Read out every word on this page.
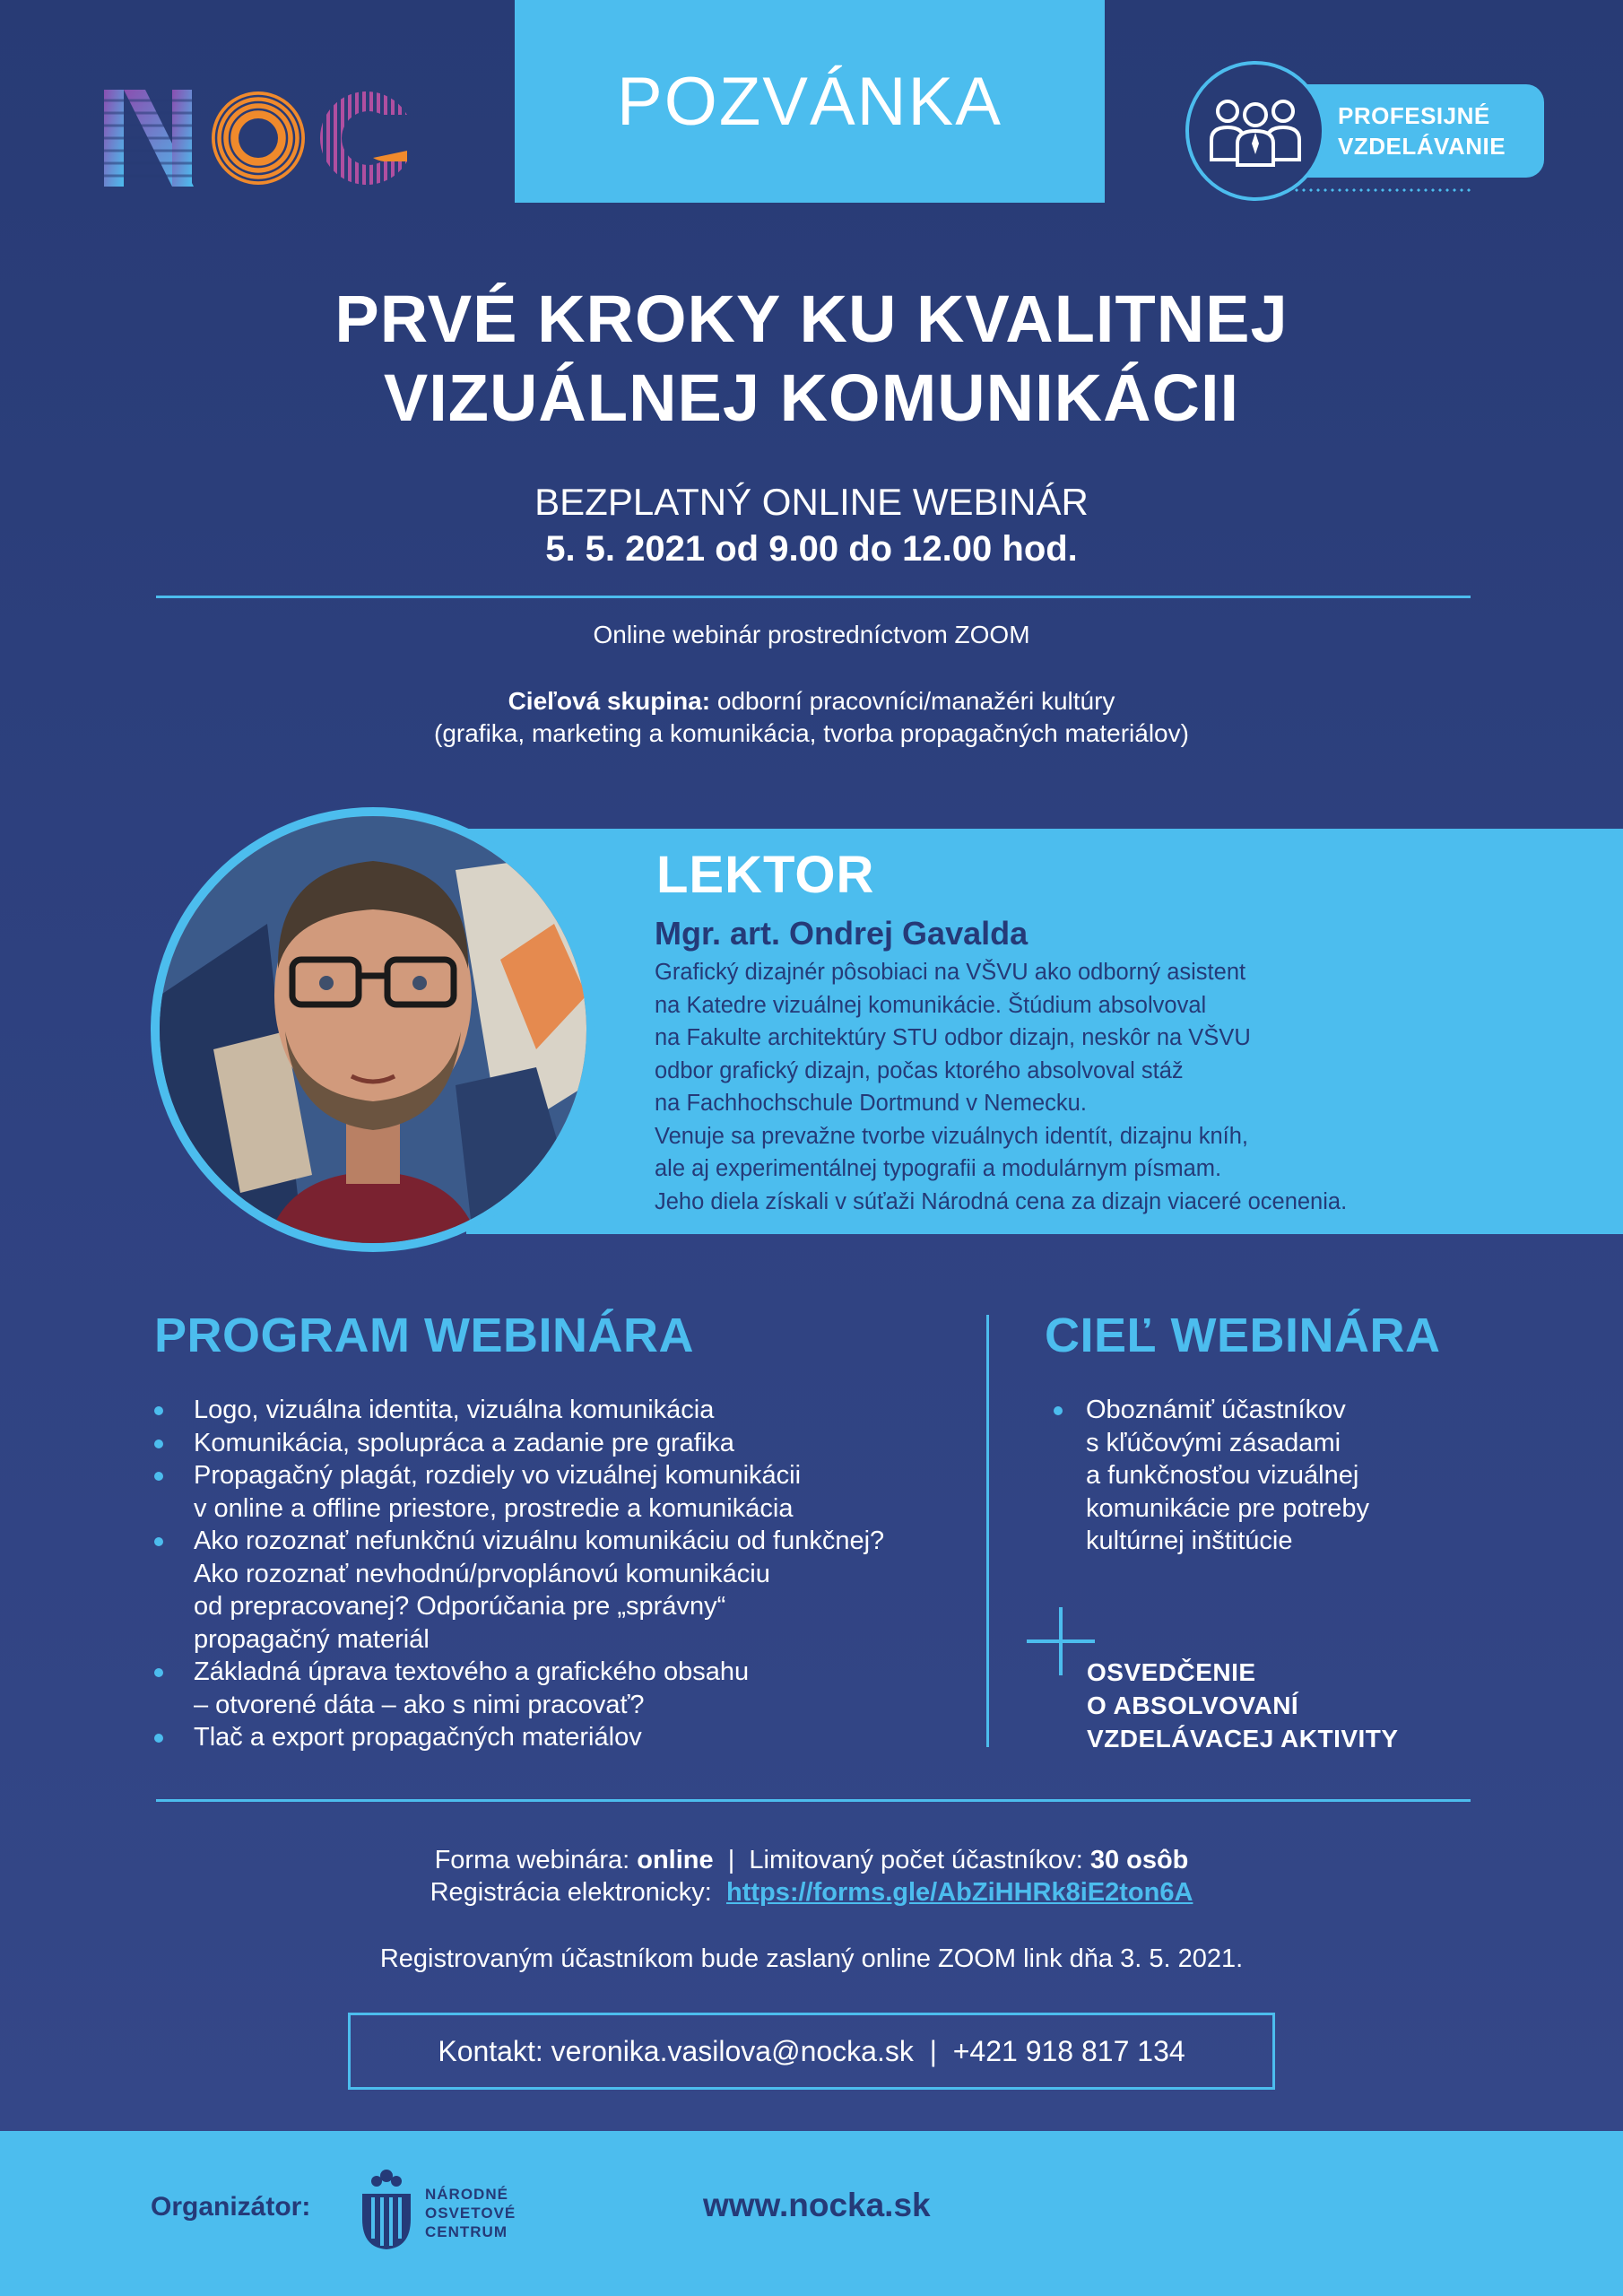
POZVÁNKA	PROFESIJNÉ
VZDELÁVANIE
PRVÉ KROKY KU KVALITNEJ
VIZUÁLNEJ KOMUNIKÁCII
BEZPLATNÝ ONLINE WEBINÁR
5. 5. 2021 od 9.00 do 12.00 hod.
Online webinár prostredníctvom ZOOM
Cieľová skupina: odborní pracovníci/manažéri kultúry
(grafika, marketing a komunikácia, tvorba propagačných materiálov)
LEKTOR
Mgr. art. Ondrej Gavalda
Grafický dizajnér pôsobiaci na VŠVU ako odborný asistent
na Katedre vizuálnej komunikácie. Štúdium absolvoval
na Fakulte architektúry STU odbor dizajn, neskôr na VŠVU
odbor grafický dizajn, počas ktorého absolvoval stáž
na Fachhochschule Dortmund v Nemecku.
Venuje sa prevažne tvorbe vizuálnych identít, dizajnu kníh,
ale aj experimentálnej typografii a modulárnym písmam.
Jeho diela získali v súťaži Národná cena za dizajn viaceré ocenenia.
PROGRAM WEBINÁRA
Logo, vizuálna identita, vizuálna komunikácia
Komunikácia, spolupráca a zadanie pre grafika
Propagačný plagát, rozdiely vo vizuálnej komunikácii
v online a offline priestore, prostredie a komunikácia
Ako rozoznať nefunkčnú vizuálnu komunikáciu od funkčnej?
Ako rozoznať nevhodnú/prvoplánovú komunikáciu
od prepracovanej? Odporúčania pre „správny“
propagačný materiál
Základná úprava textového a grafického obsahu
– otvorené dáta – ako s nimi pracovať?
Tlač a export propagačných materiálov
CIEĽ WEBINÁRA
Oboznámiť účastníkov
s kľúčovými zásadami
a funkčnosťou vizuálnej
komunikácie pre potreby
kultúrnej inštitúcie
OSVEDČENIE
O ABSOLVOVANÍ
VZDELÁVACEJ AKTIVITY
Forma webinára: online  |  Limitovaný počet účastníkov: 30 osôb
Registrácia elektronicky:  https://forms.gle/AbZiHHRk8iE2ton6A
Registrovaným účastníkom bude zaslaný online ZOOM link dňa 3. 5. 2021.
Kontakt: veronika.vasilova@nocka.sk  |  +421 918 817 134
Organizátor:	NÁRODNÉ
OSVETOVÉ
CENTRUM
www.nocka.sk
